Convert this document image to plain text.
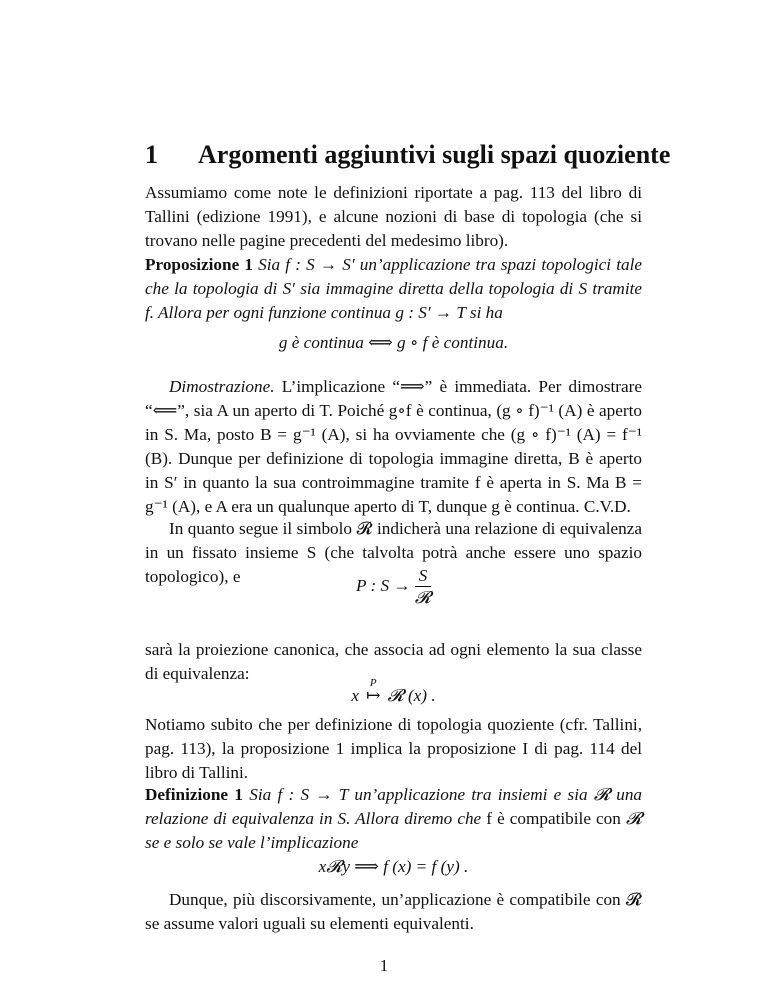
1 Argomenti aggiuntivi sugli spazi quoziente
Assumiamo come note le definizioni riportate a pag. 113 del libro di Tallini (edizione 1991), e alcune nozioni di base di topologia (che si trovano nelle pagine precedenti del medesimo libro).
Proposizione 1 Sia f : S → S′ un’applicazione tra spazi topologici tale che la topologia di S′ sia immagine diretta della topologia di S tramite f. Allora per ogni funzione continua g : S′ → T si ha
g è continua ⟺ g ∘ f è continua.
Dimostrazione. L’implicazione “⟹” è immediata. Per dimostrare “⟸”, sia A un aperto di T. Poiché g∘f è continua, (g ∘ f)⁻¹ (A) è aperto in S. Ma, posto B = g⁻¹ (A), si ha ovviamente che (g ∘ f)⁻¹ (A) = f⁻¹ (B). Dunque per definizione di topologia immagine diretta, B è aperto in S′ in quanto la sua controimmagine tramite f è aperta in S. Ma B = g⁻¹ (A), e A era un qualunque aperto di T, dunque g è continua. C.V.D.
In quanto segue il simbolo 𝓡 indicherà una relazione di equivalenza in un fissato insieme S (che talvolta potrà anche essere uno spazio topologico), e	P : $S \to \frac{S}{\text{𝓡}}$
sarà la proiezione canonica, che associa ad ogni elemento la sua classe di equivalenza:
x
P
↦ 𝓡 (x) .
Notiamo subito che per definizione di topologia quoziente (cfr. Tallini, pag. 113), la proposizione 1 implica la proposizione I di pag. 114 del libro di Tallini.
Definizione 1 Sia f : S → T un’applicazione tra insiemi e sia 𝓡 una relazione di equivalenza in S. Allora diremo che f è compatibile con 𝓡 se e solo se vale l’implicazione
x𝓡y ⟹ f (x) = f (y) .
Dunque, più discorsivamente, un’applicazione è compatibile con 𝓡 se assume valori uguali su elementi equivalenti.
1
